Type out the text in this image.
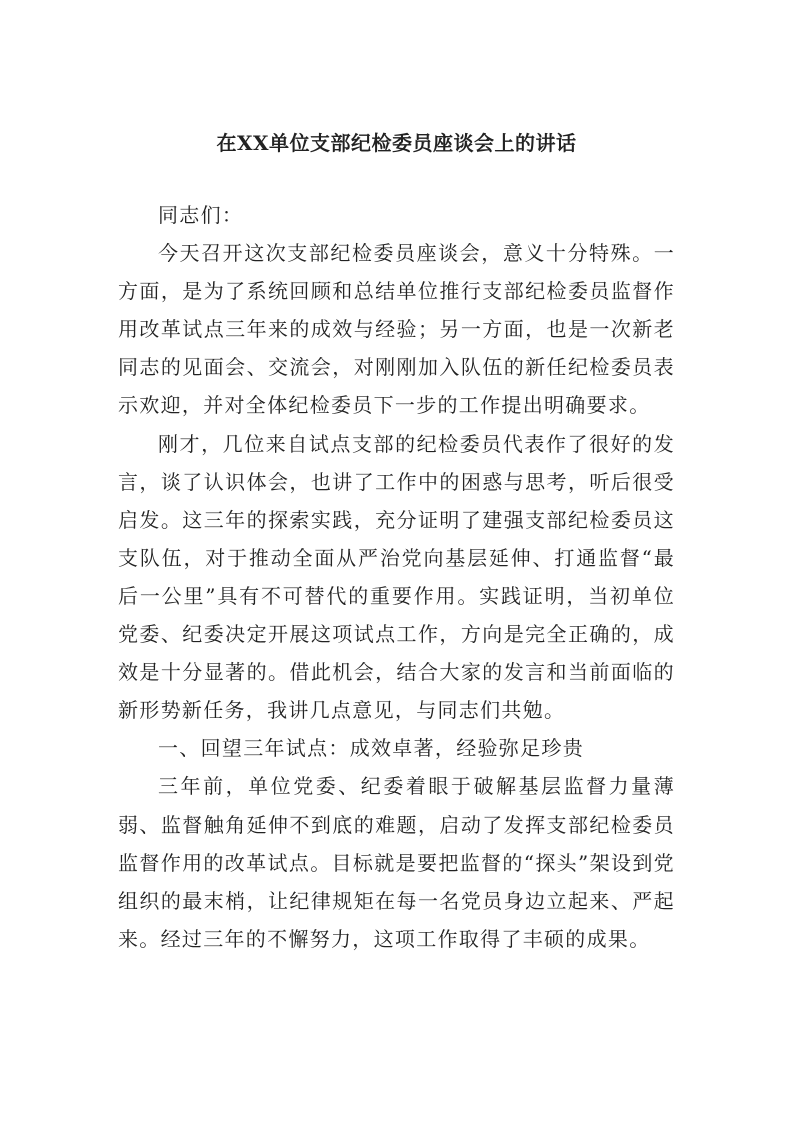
在XX单位支部纪检委员座谈会上的讲话

同志们：

今天召开这次支部纪检委员座谈会，意义十分特殊。一方面，是为了系统回顾和总结单位推行支部纪检委员监督作用改革试点三年来的成效与经验；另一方面，也是一次新老同志的见面会、交流会，对刚刚加入队伍的新任纪检委员表示欢迎，并对全体纪检委员下一步的工作提出明确要求。

刚才，几位来自试点支部的纪检委员代表作了很好的发言，谈了认识体会，也讲了工作中的困惑与思考，听后很受启发。这三年的探索实践，充分证明了建强支部纪检委员这支队伍，对于推动全面从严治党向基层延伸、打通监督“最后一公里”具有不可替代的重要作用。实践证明，当初单位党委、纪委决定开展这项试点工作，方向是完全正确的，成效是十分显著的。借此机会，结合大家的发言和当前面临的新形势新任务，我讲几点意见，与同志们共勉。

一、回望三年试点：成效卓著，经验弥足珍贵

三年前，单位党委、纪委着眼于破解基层监督力量薄弱、监督触角延伸不到底的难题，启动了发挥支部纪检委员监督作用的改革试点。目标就是要把监督的“探头”架设到党组织的最末梢，让纪律规矩在每一名党员身边立起来、严起来。经过三年的不懈努力，这项工作取得了丰硕的成果。
